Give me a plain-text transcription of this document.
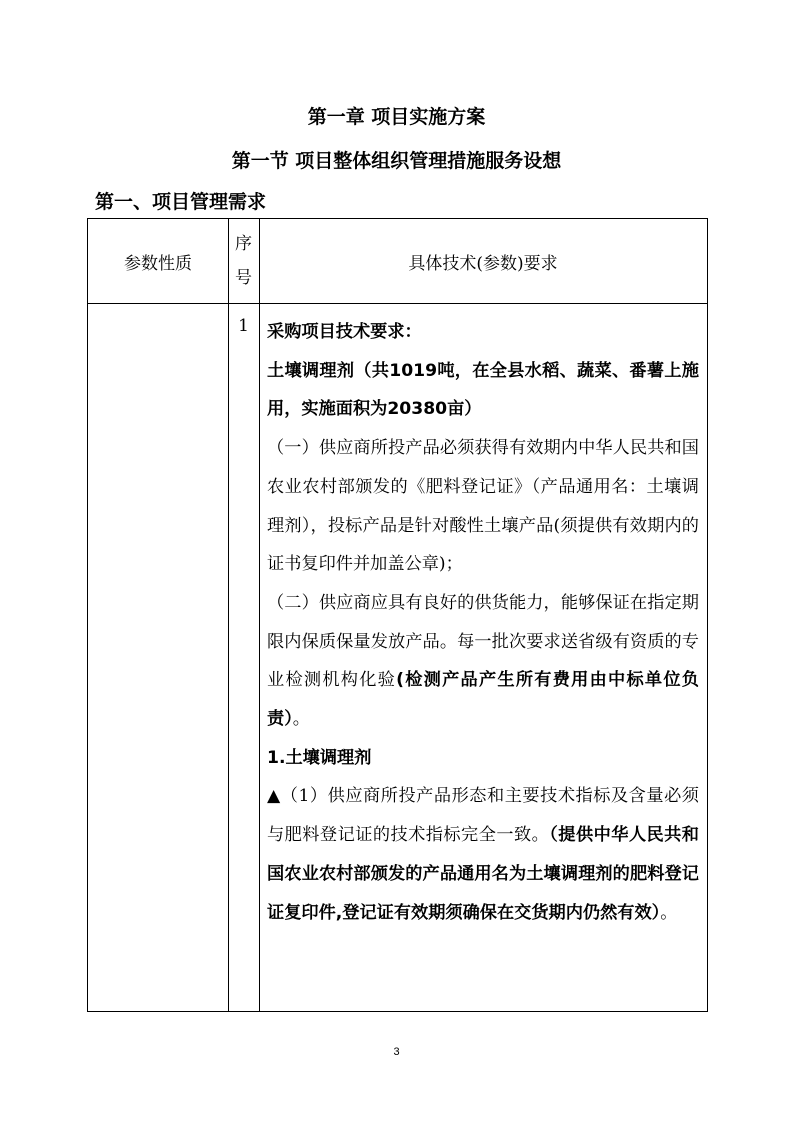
第一章 项目实施方案
第一节 项目整体组织管理措施服务设想
第一、项目管理需求
参数性质
序
号
具体技术(参数)要求
1	采购项目技术要求：

土壤调理剂（共1019吨，在全县水稻、蔬菜、番薯上施用，实施面积为20380亩）

（一）供应商所投产品必须获得有效期内中华人民共和国农业农村部颁发的《肥料登记证》（产品通用名：土壤调理剂），投标产品是针对酸性土壤产品(须提供有效期内的证书复印件并加盖公章)；

（二）供应商应具有良好的供货能力，能够保证在指定期限内保质保量发放产品。每一批次要求送省级有资质的专业检测机构化验(检测产品产生所有费用由中标单位负责）。

1.土壤调理剂

▲（1）供应商所投产品形态和主要技术指标及含量必须与肥料登记证的技术指标完全一致。（提供中华人民共和国农业农村部颁发的产品通用名为土壤调理剂的肥料登记证复印件,登记证有效期须确保在交货期内仍然有效）。

3
